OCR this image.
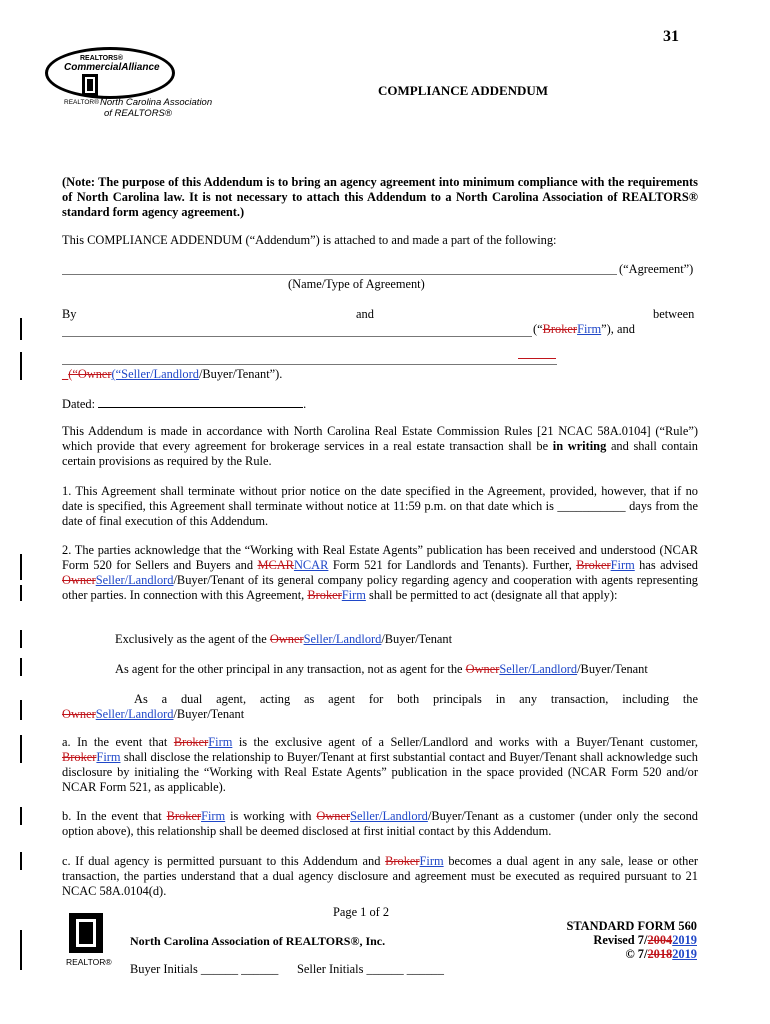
31
REALTORS®
CommercialAlliance
REALTOR® North Carolina Association
of REALTORS®
COMPLIANCE ADDENDUM
(Note: The purpose of this Addendum is to bring an agency agreement into minimum compliance with the requirements of North Carolina law. It is not necessary to attach this Addendum to a North Carolina Association of REALTORS® standard form agency agreement.)
This COMPLIANCE ADDENDUM (“Addendum”) is attached to and made a part of the following:
(“Agreement”)
(Name/Type of Agreement)
By	and	between
(“BrokerFirm”), and
_(“Owner(“Seller/Landlord/Buyer/Tenant”).
Dated:	.
This Addendum is made in accordance with North Carolina Real Estate Commission Rules [21 NCAC 58A.0104] (“Rule”) which provide that every agreement for brokerage services in a real estate transaction shall be in writing and shall contain certain provisions as required by the Rule.
1. This Agreement shall terminate without prior notice on the date specified in the Agreement, provided, however, that if no date is specified, this Agreement shall terminate without notice at 11:59 p.m. on that date which is ___________ days from the date of final execution of this Addendum.
2. The parties acknowledge that the “Working with Real Estate Agents” publication has been received and understood (NCAR Form 520 for Sellers and Buyers and MCARNCAR Form 521 for Landlords and Tenants). Further, BrokerFirm has advised OwnerSeller/Landlord/Buyer/Tenant of its general company policy regarding agency and cooperation with agents representing other parties. In connection with this Agreement, BrokerFirm shall be permitted to act (designate all that apply):
Exclusively as the agent of the OwnerSeller/Landlord/Buyer/Tenant
As agent for the other principal in any transaction, not as agent for the OwnerSeller/Landlord/Buyer/Tenant
As a dual agent, acting as agent for both principals in any transaction, including the OwnerSeller/Landlord/Buyer/Tenant
a. In the event that BrokerFirm is the exclusive agent of a Seller/Landlord and works with a Buyer/Tenant customer, BrokerFirm shall disclose the relationship to Buyer/Tenant at first substantial contact and Buyer/Tenant shall acknowledge such disclosure by initialing the “Working with Real Estate Agents” publication in the space provided (NCAR Form 520 and/or NCAR Form 521, as applicable).
b. In the event that BrokerFirm is working with OwnerSeller/Landlord/Buyer/Tenant as a customer (under only the second option above), this relationship shall be deemed disclosed at first initial contact by this Addendum.
c. If dual agency is permitted pursuant to this Addendum and BrokerFirm becomes a dual agent in any sale, lease or other transaction, the parties understand that a dual agency disclosure and agreement must be executed as required pursuant to 21 NCAC 58A.0104(d).
Page 1 of 2
REALTOR®
North Carolina Association of REALTORS®, Inc.
Buyer Initials ______ ______ Seller Initials ______ ______
STANDARD FORM 560
Revised 7/20042019
© 7/20182019
